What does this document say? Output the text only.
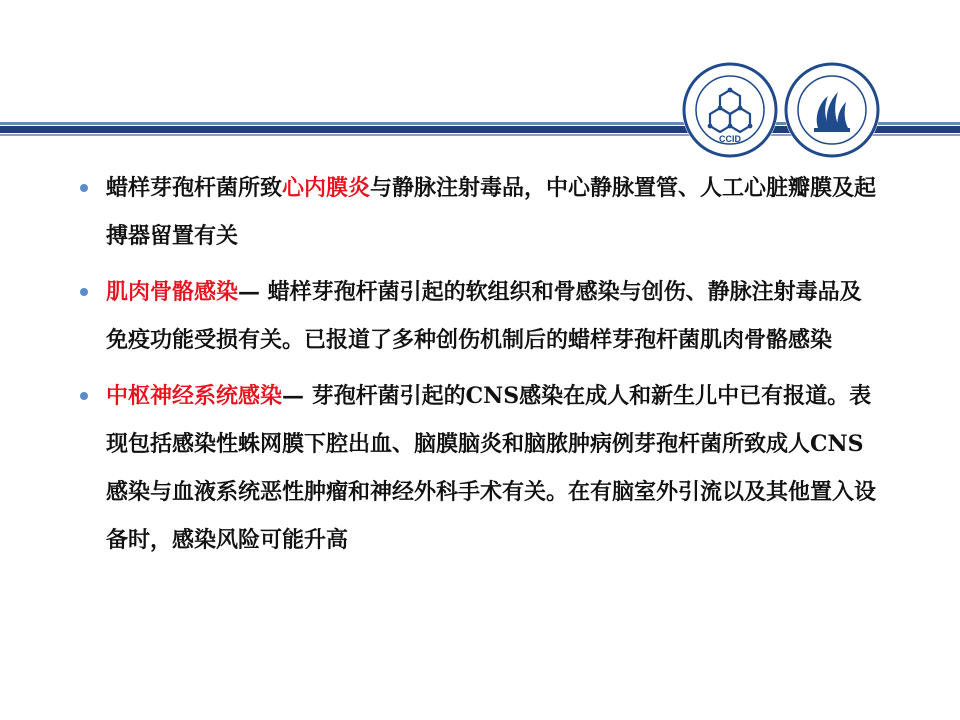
CCID
蜡样芽孢杆菌所致心内膜炎与静脉注射毒品，中心静脉置管、人工心脏瓣膜及起搏器留置有关
肌肉骨骼感染— 蜡样芽孢杆菌引起的软组织和骨感染与创伤、静脉注射毒品及免疫功能受损有关。已报道了多种创伤机制后的蜡样芽孢杆菌肌肉骨骼感染
中枢神经系统感染— 芽孢杆菌引起的CNS感染在成人和新生儿中已有报道。表现包括感染性蛛网膜下腔出血、脑膜脑炎和脑脓肿病例芽孢杆菌所致成人CNS感染与血液系统恶性肿瘤和神经外科手术有关。在有脑室外引流以及其他置入设备时，感染风险可能升高
